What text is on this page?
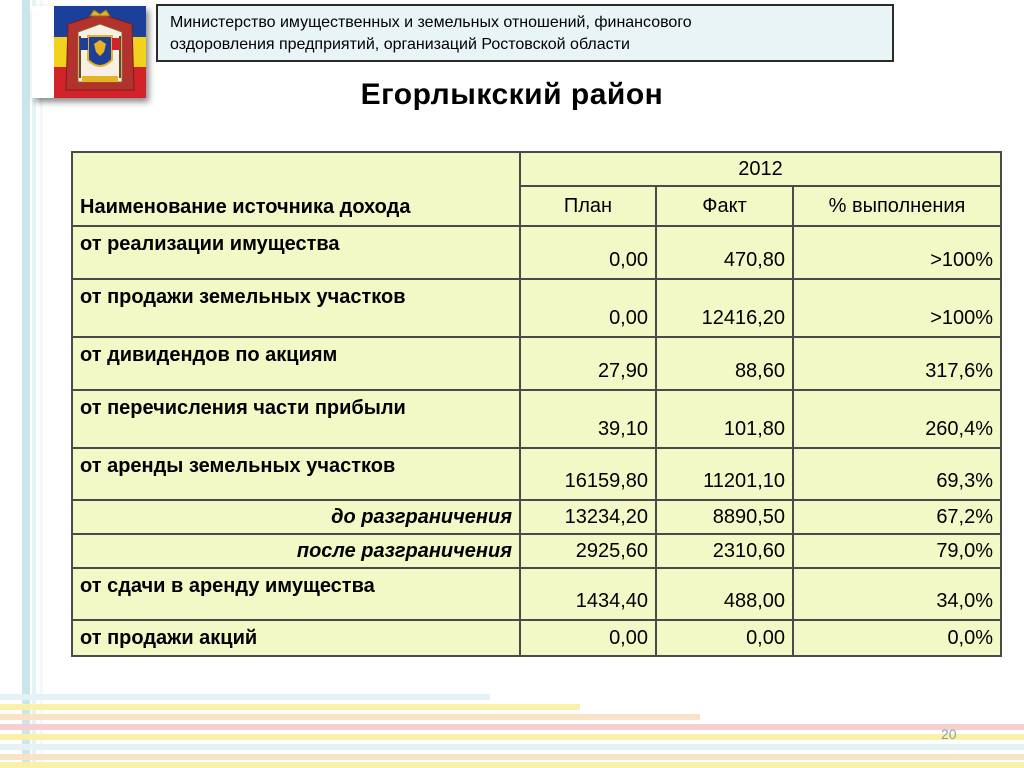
Министерство имущественных и земельных отношений, финансового
оздоровления предприятий, организаций Ростовской области
Егорлыкский район
Наименование источника дохода	2012		
	План	Факт	% выполнения
от реализации имущества	0,00	470,80	>100%
от продажи земельных участков	0,00	12416,20	>100%
от дивидендов по акциям	27,90	88,60	317,6%
от перечисления части прибыли	39,10	101,80	260,4%
от аренды земельных участков	16159,80	11201,10	69,3%
до разграничения	13234,20	8890,50	67,2%
после разграничения	2925,60	2310,60	79,0%
от сдачи в аренду имущества	1434,40	488,00	34,0%
от продажи акций	0,00	0,00	0,0%
20
